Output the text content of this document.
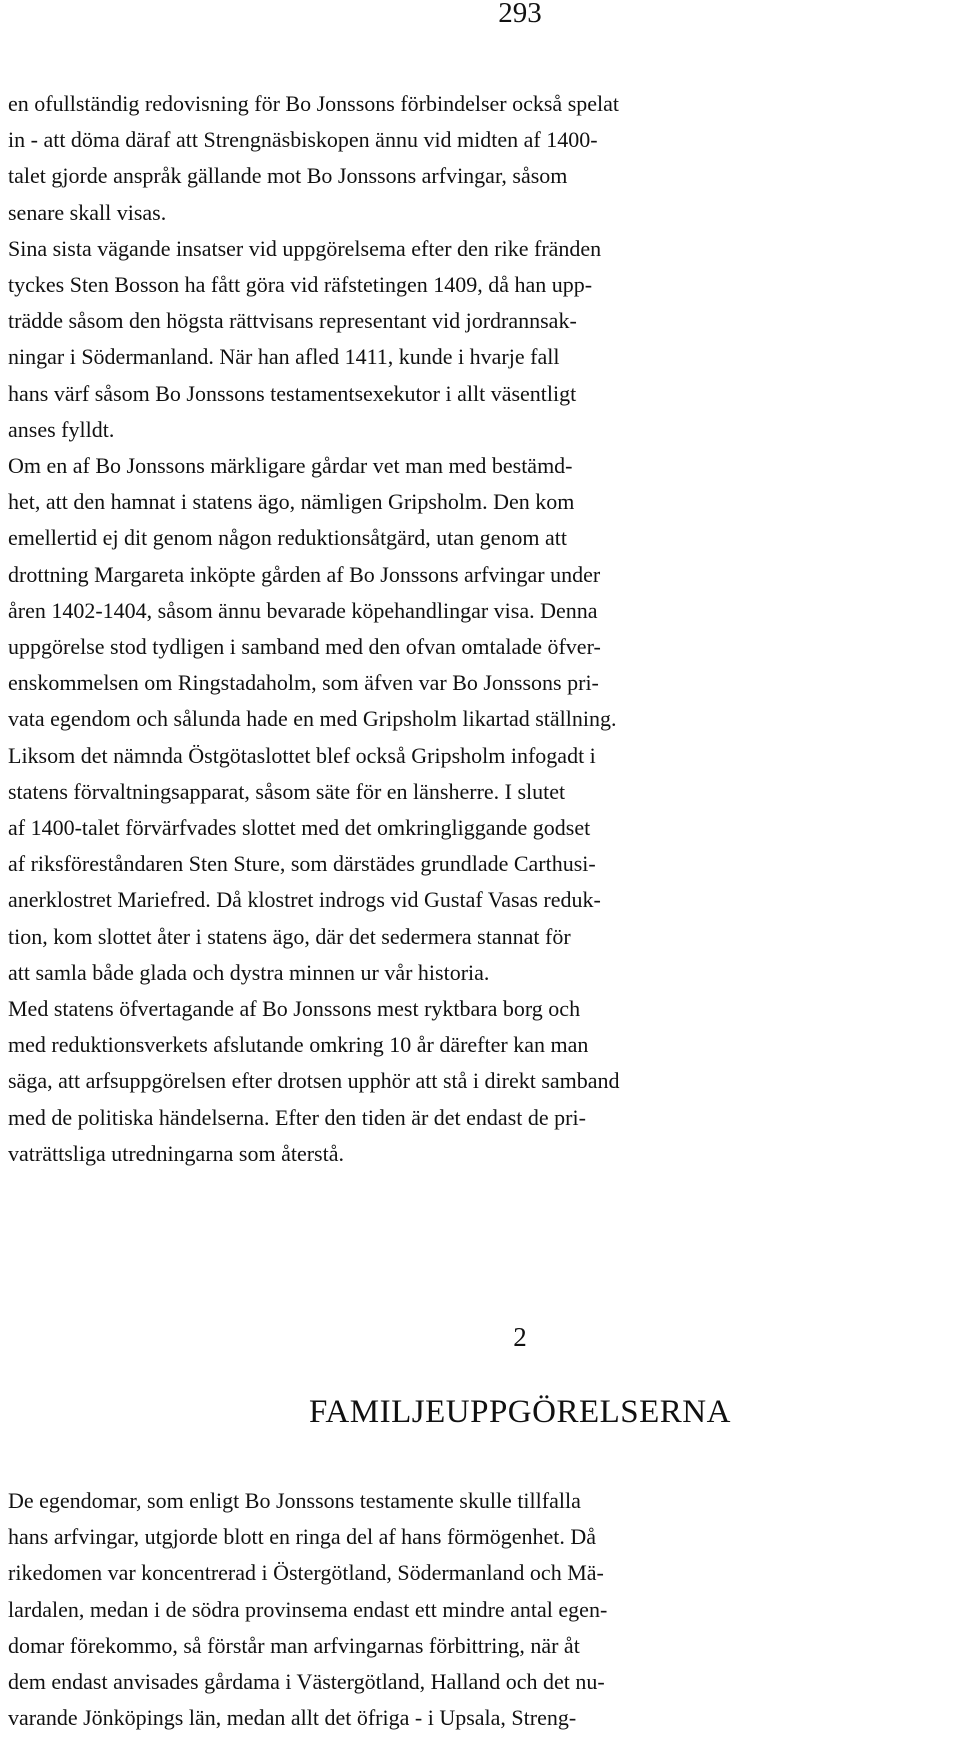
293
en ofullständig redovisning för Bo Jonssons förbindelser också spelat
in - att döma däraf att Strengnäsbiskopen ännu vid midten af 1400-
talet gjorde anspråk gällande mot Bo Jonssons arfvingar, såsom
senare skall visas.
Sina sista vägande insatser vid uppgörelsema efter den rike fränden
tyckes Sten Bosson ha fått göra vid räfstetingen 1409, då han upp-
trädde såsom den högsta rättvisans representant vid jordrannsak-
ningar i Södermanland. När han afled 1411, kunde i hvarje fall
hans värf såsom Bo Jonssons testamentsexekutor i allt väsentligt
anses fylldt.
Om en af Bo Jonssons märkligare gårdar vet man med bestämd-
het, att den hamnat i statens ägo, nämligen Gripsholm. Den kom
emellertid ej dit genom någon reduktionsåtgärd, utan genom att
drottning Margareta inköpte gården af Bo Jonssons arfvingar under
åren 1402-1404, såsom ännu bevarade köpehandlingar visa. Denna
uppgörelse stod tydligen i samband med den ofvan omtalade öfver-
enskommelsen om Ringstadaholm, som äfven var Bo Jonssons pri-
vata egendom och sålunda hade en med Gripsholm likartad ställning.
Liksom det nämnda Östgötaslottet blef också Gripsholm infogadt i
statens förvaltningsapparat, såsom säte för en länsherre. I slutet
af 1400-talet förvärfvades slottet med det omkringliggande godset
af riksföreståndaren Sten Sture, som därstädes grundlade Carthusi-
anerklostret Mariefred. Då klostret indrogs vid Gustaf Vasas reduk-
tion, kom slottet åter i statens ägo, där det sedermera stannat för
att samla både glada och dystra minnen ur vår historia.
Med statens öfvertagande af Bo Jonssons mest ryktbara borg och
med reduktionsverkets afslutande omkring 10 år därefter kan man
säga, att arfsuppgörelsen efter drotsen upphör att stå i direkt samband
med de politiska händelserna. Efter den tiden är det endast de pri-
vaträttsliga utredningarna som återstå.
2
FAMILJEUPPGÖRELSERNA
De egendomar, som enligt Bo Jonssons testamente skulle tillfalla
hans arfvingar, utgjorde blott en ringa del af hans förmögenhet. Då
rikedomen var koncentrerad i Östergötland, Södermanland och Mä-
lardalen, medan i de södra provinsema endast ett mindre antal egen-
domar förekommo, så förstår man arfvingarnas förbittring, när åt
dem endast anvisades gårdama i Västergötland, Halland och det nu-
varande Jönköpings län, medan allt det öfriga - i Upsala, Streng-
